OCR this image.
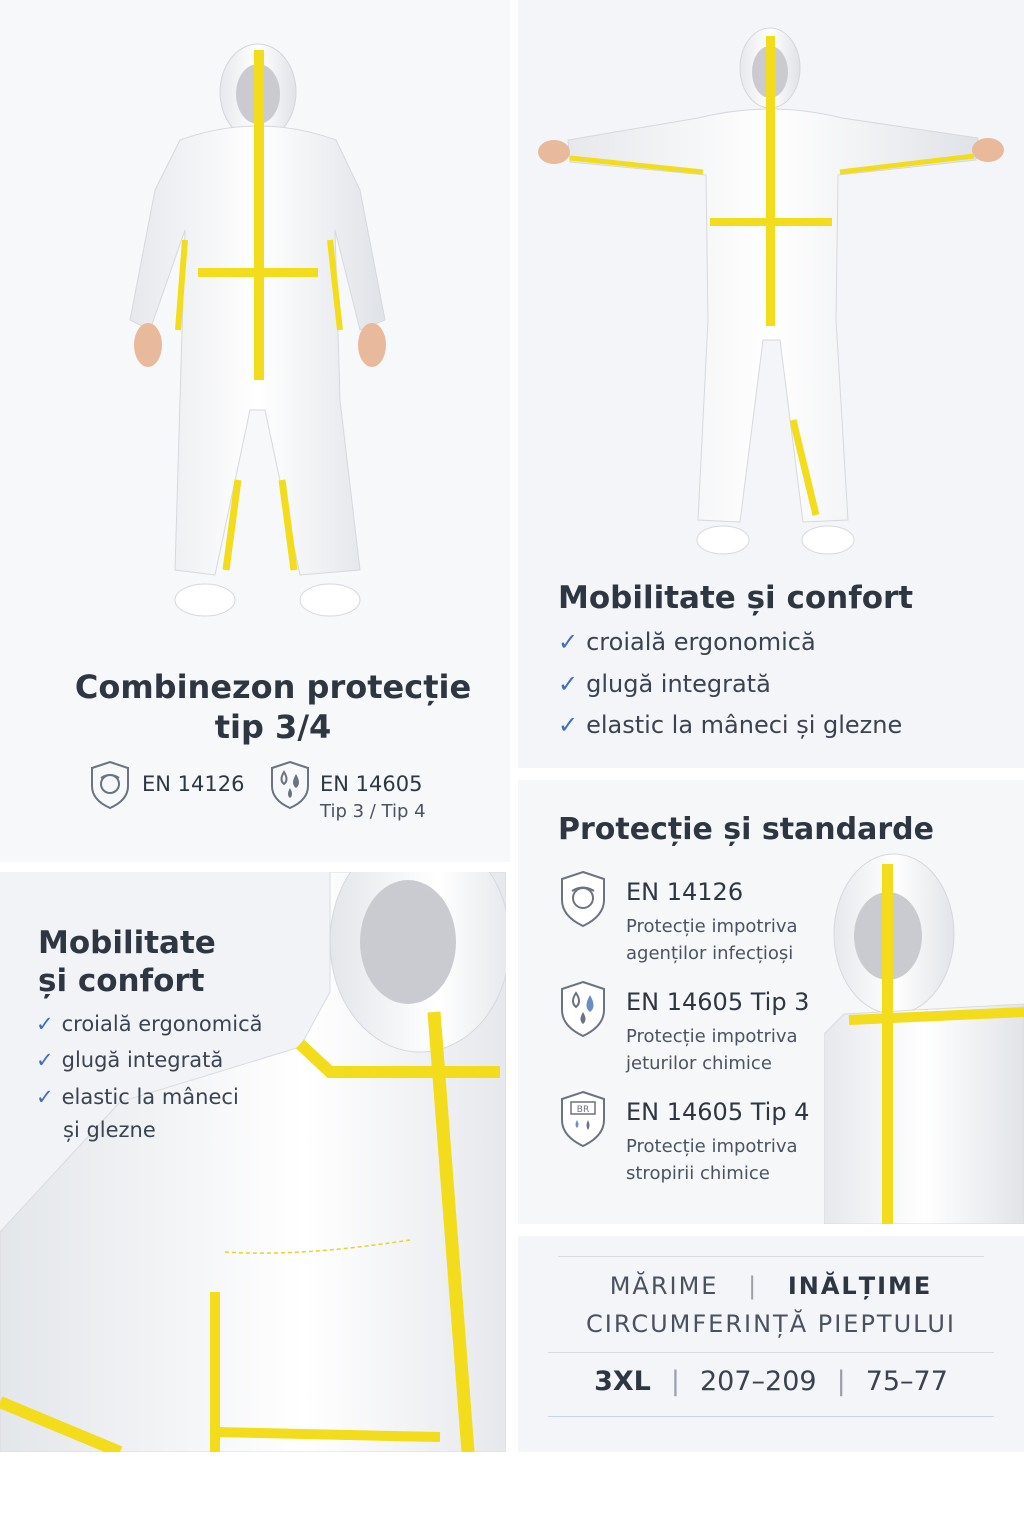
Combinezon protecție
tip 3/4
EN 14126	EN 14605
Tip 3 / Tip 4
Mobilitate și confort
✓ croială ergonomică
✓ glugă integrată
✓ elastic la mâneci și glezne
Mobilitate
și confort
✓ croială ergonomică
✓ glugă integrată
✓ elastic la mâneci
și glezne
Protecție și standarde
EN 14126
Protecție impotriva
agenților infecțioși
EN 14605 Tip 3
Protecție impotriva
jeturilor chimice
BR EN 14605 Tip 4
Protecție impotriva
stropirii chimice
MĂRIME | INĂLȚIME
CIRCUMFERINȚĂ PIEPTULUI
3XL | 207–209 | 75–77
